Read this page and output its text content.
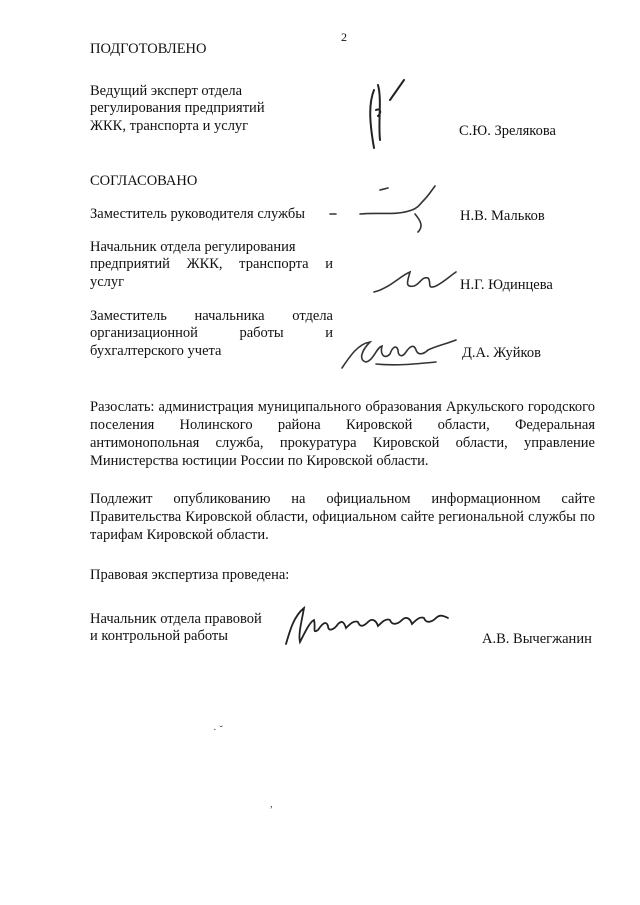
2
ПОДГОТОВЛЕНО
Ведущий эксперт отдела
регулирования предприятий
ЖКК, транспорта и услуг	С.Ю. Зрелякова
СОГЛАСОВАНО
Заместитель руководителя службы	Н.В. Мальков
Начальник отдела регулирования
предприятий ЖКК, транспорта и
услуг	Н.Г. Юдинцева
Заместитель начальника отдела
организационной работы и
бухгалтерского учета	Д.А. Жуйков
Разослать: администрация муниципального образования Аркульского городского поселения Нолинского района Кировской области, Федеральная антимонопольная служба, прокуратура Кировской области, управление Министерства юстиции России по Кировской области.
Подлежит опубликованию на официальном информационном сайте Правительства Кировской области, официальном сайте региональной службы по тарифам Кировской области.
Правовая экспертиза проведена:
Начальник отдела правовой
и контрольной работы	А.В. Вычегжанин
· ˇ
,
